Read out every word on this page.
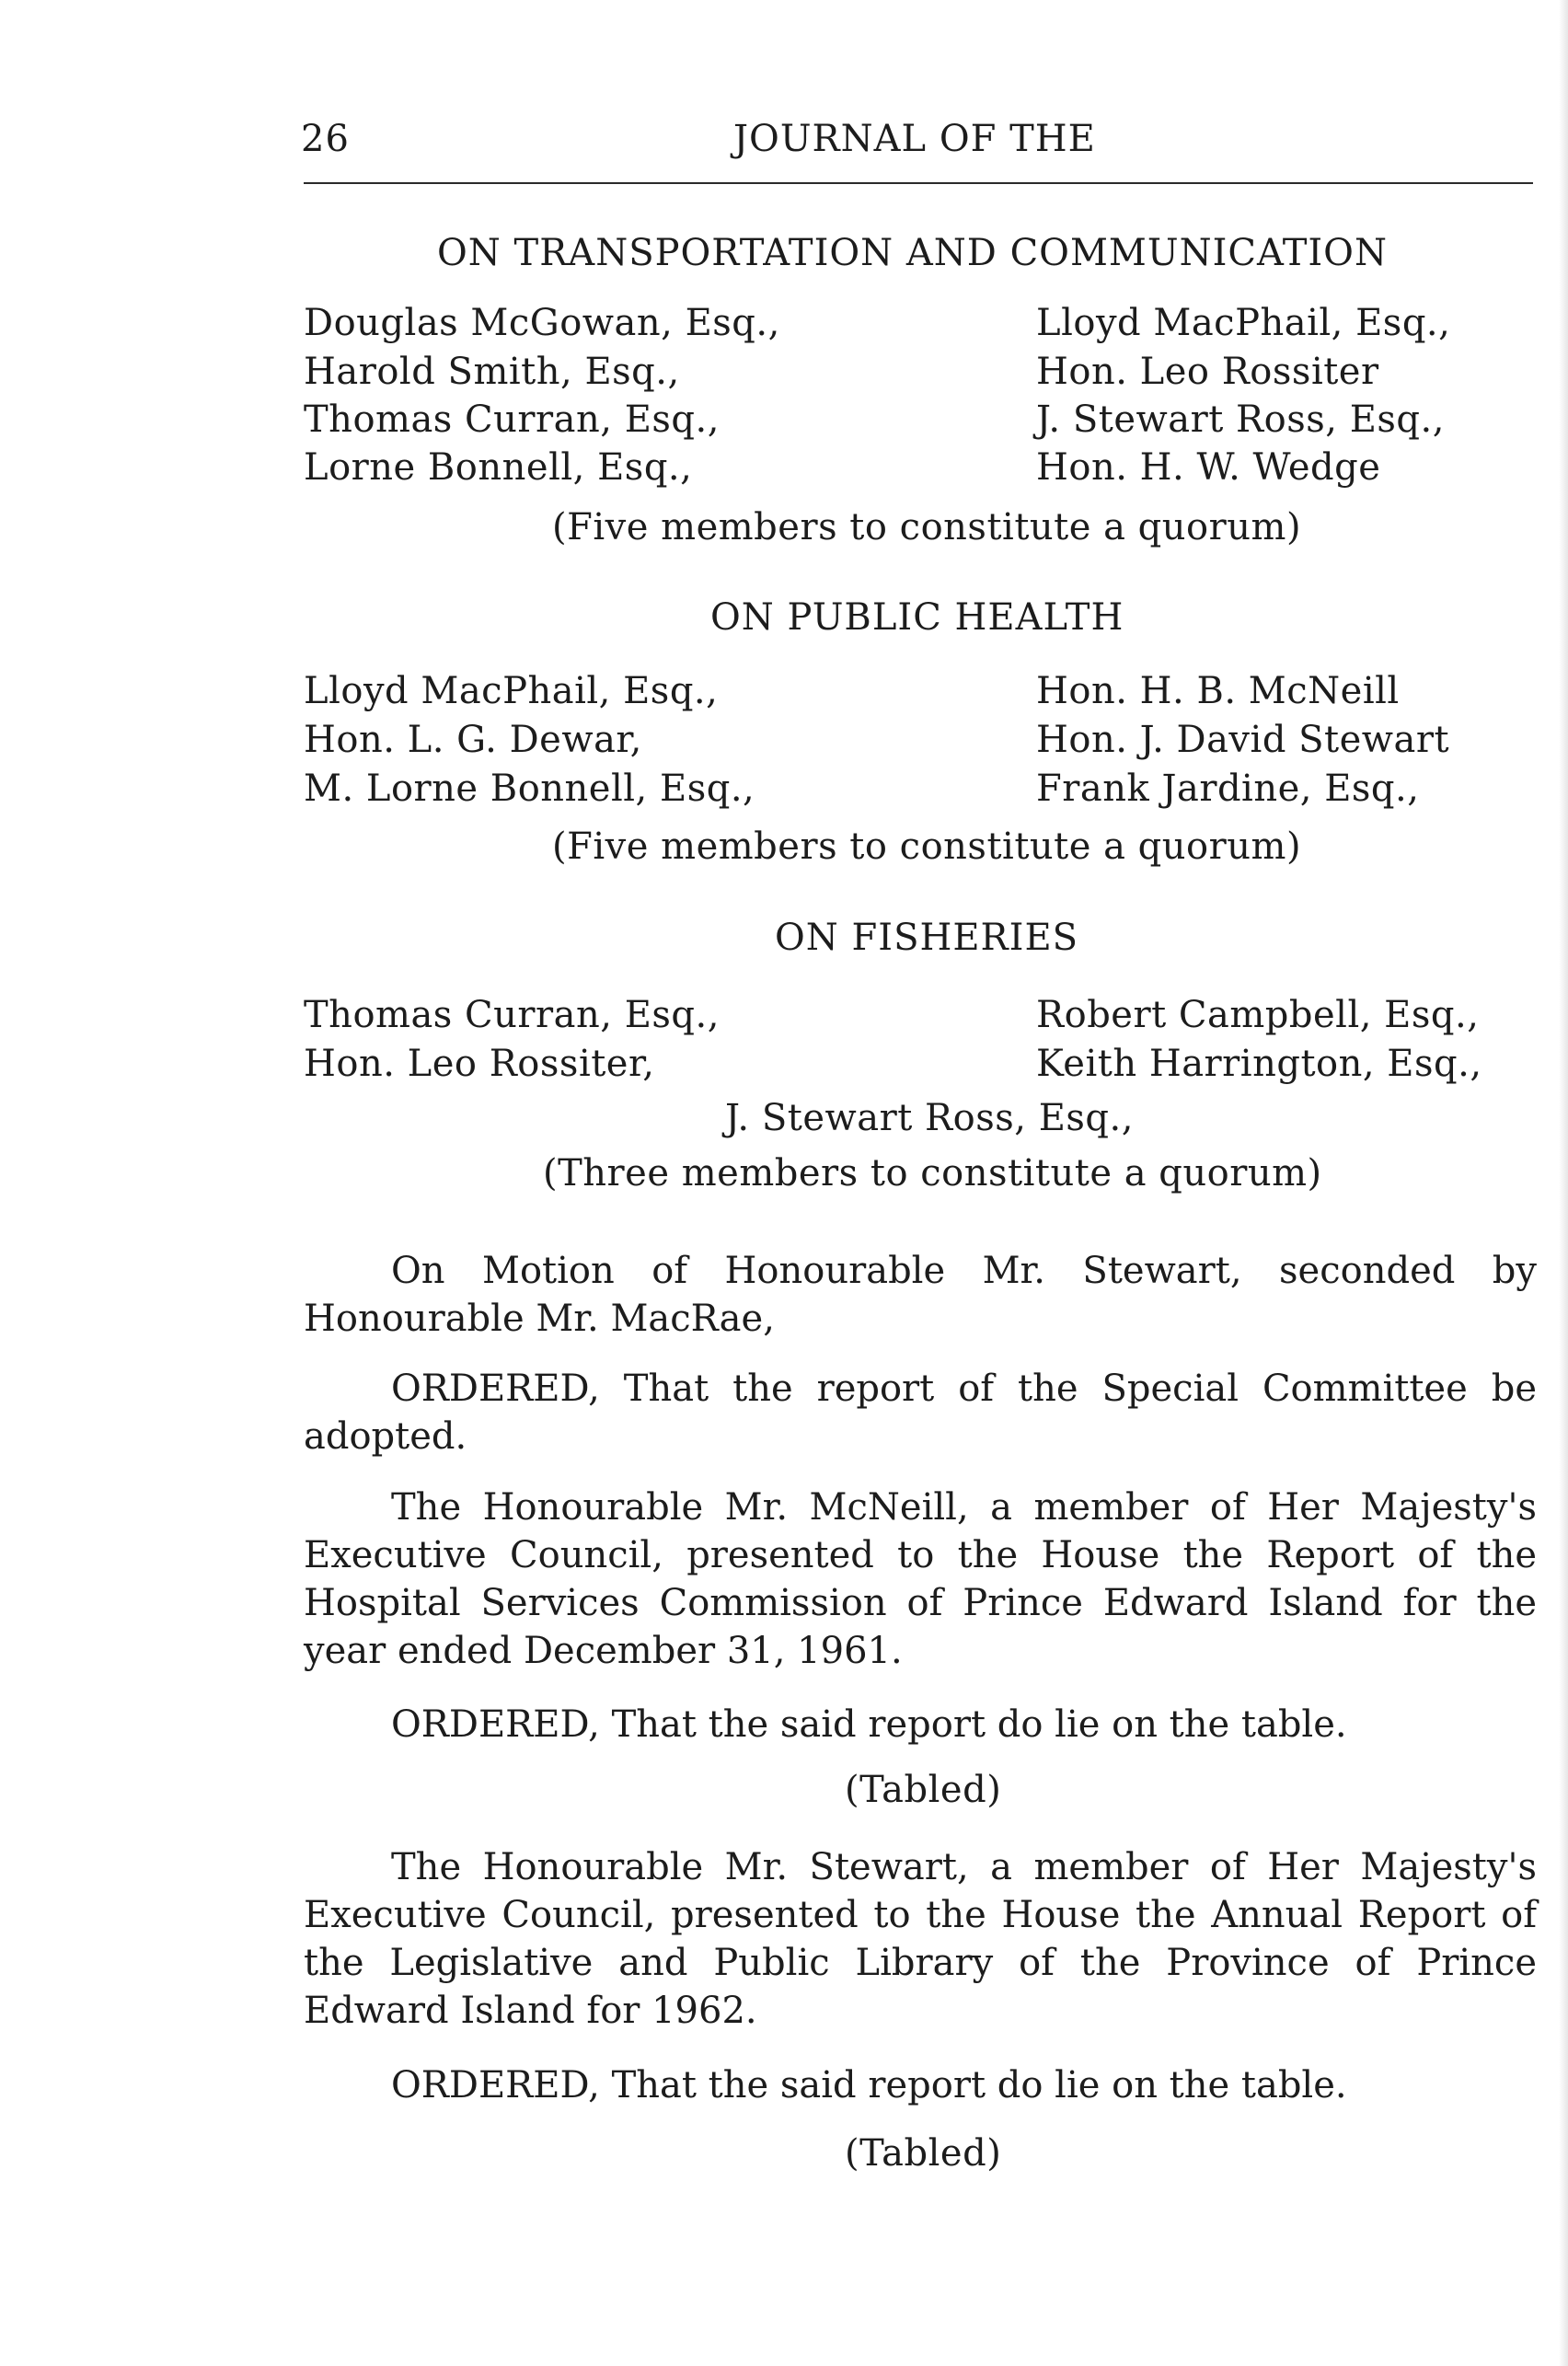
26	JOURNAL OF THE
ON TRANSPORTATION AND COMMUNICATION
Douglas McGowan, Esq.,
Harold Smith, Esq.,
Thomas Curran, Esq.,
Lorne Bonnell, Esq.,
Lloyd MacPhail, Esq.,
Hon. Leo Rossiter
J. Stewart Ross, Esq.,
Hon. H. W. Wedge
(Five members to constitute a quorum)
ON PUBLIC HEALTH
Lloyd MacPhail, Esq.,
Hon. L. G. Dewar,
M. Lorne Bonnell, Esq.,
Hon. H. B. McNeill
Hon. J. David Stewart
Frank Jardine, Esq.,
(Five members to constitute a quorum)
ON FISHERIES
Thomas Curran, Esq.,
Hon. Leo Rossiter,
Robert Campbell, Esq.,
Keith Harrington, Esq.,
J. Stewart Ross, Esq.,
(Three members to constitute a quorum)
On Motion of Honourable Mr. Stewart, seconded by Honourable Mr. MacRae,
ORDERED, That the report of the Special Committee be adopted.
The Honourable Mr. McNeill, a member of Her Majesty's Executive Council, presented to the House the Report of the Hospital Services Commission of Prince Edward Island for the year ended December 31, 1961.
ORDERED, That the said report do lie on the table.
(Tabled)
The Honourable Mr. Stewart, a member of Her Majesty's Executive Council, presented to the House the Annual Report of the Legislative and Public Library of the Province of Prince Edward Island for 1962.
ORDERED, That the said report do lie on the table.
(Tabled)
